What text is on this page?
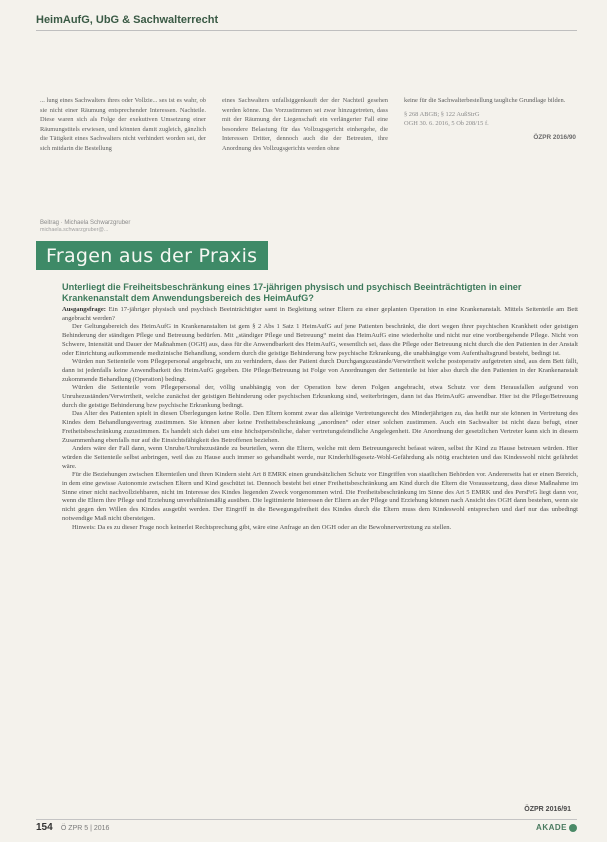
HeimAufG, UbG & Sachwalterrecht

... lung eines Sachwalters ihres oder Vollzie... ses ist es wahr, ob sie nicht einer Räumung entsprechender Interessen. Nachteile. Diese waren sich als Folge der exekutiven Umsetzung einer Räumungstitels erwiesen, und könnten damit zugleich, gänzlich die Tätigkeit eines Sachwalters nicht verhindert worden sei, der sich mitdarin die Bestellung

eines Sachwalters unfallsiggenkauft der der Nachteil gesehen werden könne. Das Vorzustimmen sei zwar hinzugetreten, dass mit der Räumung der Liegenschaft ein verlängerter Fall eine besondere Belastung für das Vollzugsgericht einhergehe, die Interessen Dritter, dennoch auch die der Betreuten, ihre Anordnung des Vollzugsgerichts werden ohne

keine für die Sachwalterbestellung taugliche Grundlage bilden.

§ 268 ABGB; § 122 AußStrG
OGH 30. 6. 2016, 5 Ob 208/15 f.
ÖZPR 2016/90
Beitrag · Michaela Schwarzgruber
michaela.schwarzgruber@...
Fragen aus der Praxis
Unterliegt die Freiheitsbeschränkung eines 17-jährigen physisch und psychisch Beeinträchtigten in einer Krankenanstalt dem Anwendungsbereich des HeimAufG?

Ausgangsfrage: Ein 17-jähriger physisch und psychisch Beeinträchtigter samt in Begleitung seiner Eltern zu einer geplanten Operation in eine Krankenanstalt. Mittels Seitenteile am Bett angebracht werden?

Der Geltungsbereich des HeimAufG in Krankenanstalten ist gem § 2 Abs 1 Satz 1 HeimAufG auf jene Patienten beschränkt, die dort wegen ihrer psychischen Krankheit oder geistigen Behinderung der ständigen Pflege und Betreuung bedürfen. Mit „ständiger Pflege und Betreuung“ meint das HeimAufG eine wiederholte und nicht nur eine vorübergehende Pflege. Nicht von Schwere, Intensität und Dauer der Maßnahmen (OGH) aus, dass für die Anwendbarkeit des HeimAufG, wesentlich sei, dass die Pflege oder Betreuung nicht durch die den Patienten in der Anstalt oder Einrichtung aufkommende medizinische Behandlung, sondern durch die geistige Behinderung bzw psychische Erkrankung, die unabhängige vom Aufenthaltsgrund besteht, bedingt ist.

Würden nun Seitenteile vom Pflegepersonal angebracht, um zu verhindern, dass der Patient durch Durchgangszustände/Verwirrtheit welche postoperativ aufgetreten sind, aus dem Bett fällt, dann ist jedenfalls keine Anwendbarkeit des HeimAufG gegeben. Die Pflege/Betreuung ist Folge von Anordnungen der Seitenteile ist hier also durch die den Patienten in der Krankenanstalt zukommende Behandlung (Operation) bedingt.

Würden die Seitenteile vom Pflegepersonal der, völlig unabhängig von der Operation bzw deren Folgen angebracht, etwa Schutz vor dem Herausfallen aufgrund von Unruhezuständen/Verwirrtheit, welche zunächst der geistigen Behinderung oder psychischen Erkrankung sind, weiterbringen, dann ist das HeimAufG anwendbar. Hier ist die Pflege/Betreuung durch die geistige Behinderung bzw psychische Erkrankung bedingt.

Das Alter des Patienten spielt in diesen Überlegungen keine Rolle. Den Eltern kommt zwar das alleinige Vertretungsrecht des Minderjährigen zu, das heißt nur sie können in Vertretung des Kindes dem Behandlungsvertrag zustimmen. Sie können aber keine Freiheitsbeschränkung „anordnen“ oder einer solchen zustimmen. Auch ein Sachwalter ist nicht dazu befugt, einer Freiheitsbeschränkung zuzustimmen. Es handelt sich dabei um eine höchstpersönliche, daher vertretungsfeindliche Angelegenheit. Die Anordnung der gesetzlichen Vertreter kann sich in diesem Zusammenhang ebenfalls nur auf die Einsichtsfähigkeit des Betroffenen beziehen.

Anders wäre der Fall dann, wenn Unruhe/Unruhezustände zu beurteilen, wenn die Eltern, welche mit dem Betreuungsrecht befasst wären, selbst ihr Kind zu Hause betreuen würden. Hier würden die Seitenteile selbst anbringen, weil das zu Hause auch immer so gehandhabt werde, nur Kinderhilfsgesetz-Wohl-Gefährdung als nötig erachteten und das Kindeswohl nicht gefährdet wäre.

Für die Beziehungen zwischen Elternteilen und ihren Kindern sieht Art 8 EMRK einen grundsätzlichen Schutz vor Eingriffen von staatlichen Behörden vor. Andererseits hat er einen Bereich, in dem eine gewisse Autonomie zwischen Eltern und Kind geschützt ist. Dennoch besteht bei einer Freiheitsbeschränkung am Kind durch die Eltern die Voraussetzung, dass diese Maßnahme im Sinne einer nicht nachvollziehbaren, nicht im Interesse des Kindes liegenden Zweck vorgenommen wird. Die Freiheitsbeschränkung im Sinne des Art 5 EMRK und des PersFrG liegt dann vor, wenn die Eltern ihre Pflege und Erziehung unverhältnismäßig ausüben. Die legitimierte Interessen der Eltern an der Pflege und Erziehung können nach Ansicht des OGH dann bestehen, wenn sie nicht gegen den Willen des Kindes ausgeübt werden. Der Eingriff in die Bewegungsfreiheit des Kindes durch die Eltern muss dem Kindeswohl entsprechen und darf nur das unbedingt notwendige Maß nicht übersteigen.

Hinweis: Da es zu dieser Frage noch keinerlei Rechtsprechung gibt, wäre eine Anfrage an den OGH oder an die Bewohnervertretung zu stellen.

ÖZPR 2016/91
154 Ö ZPR 5 | 2016	AKADE
